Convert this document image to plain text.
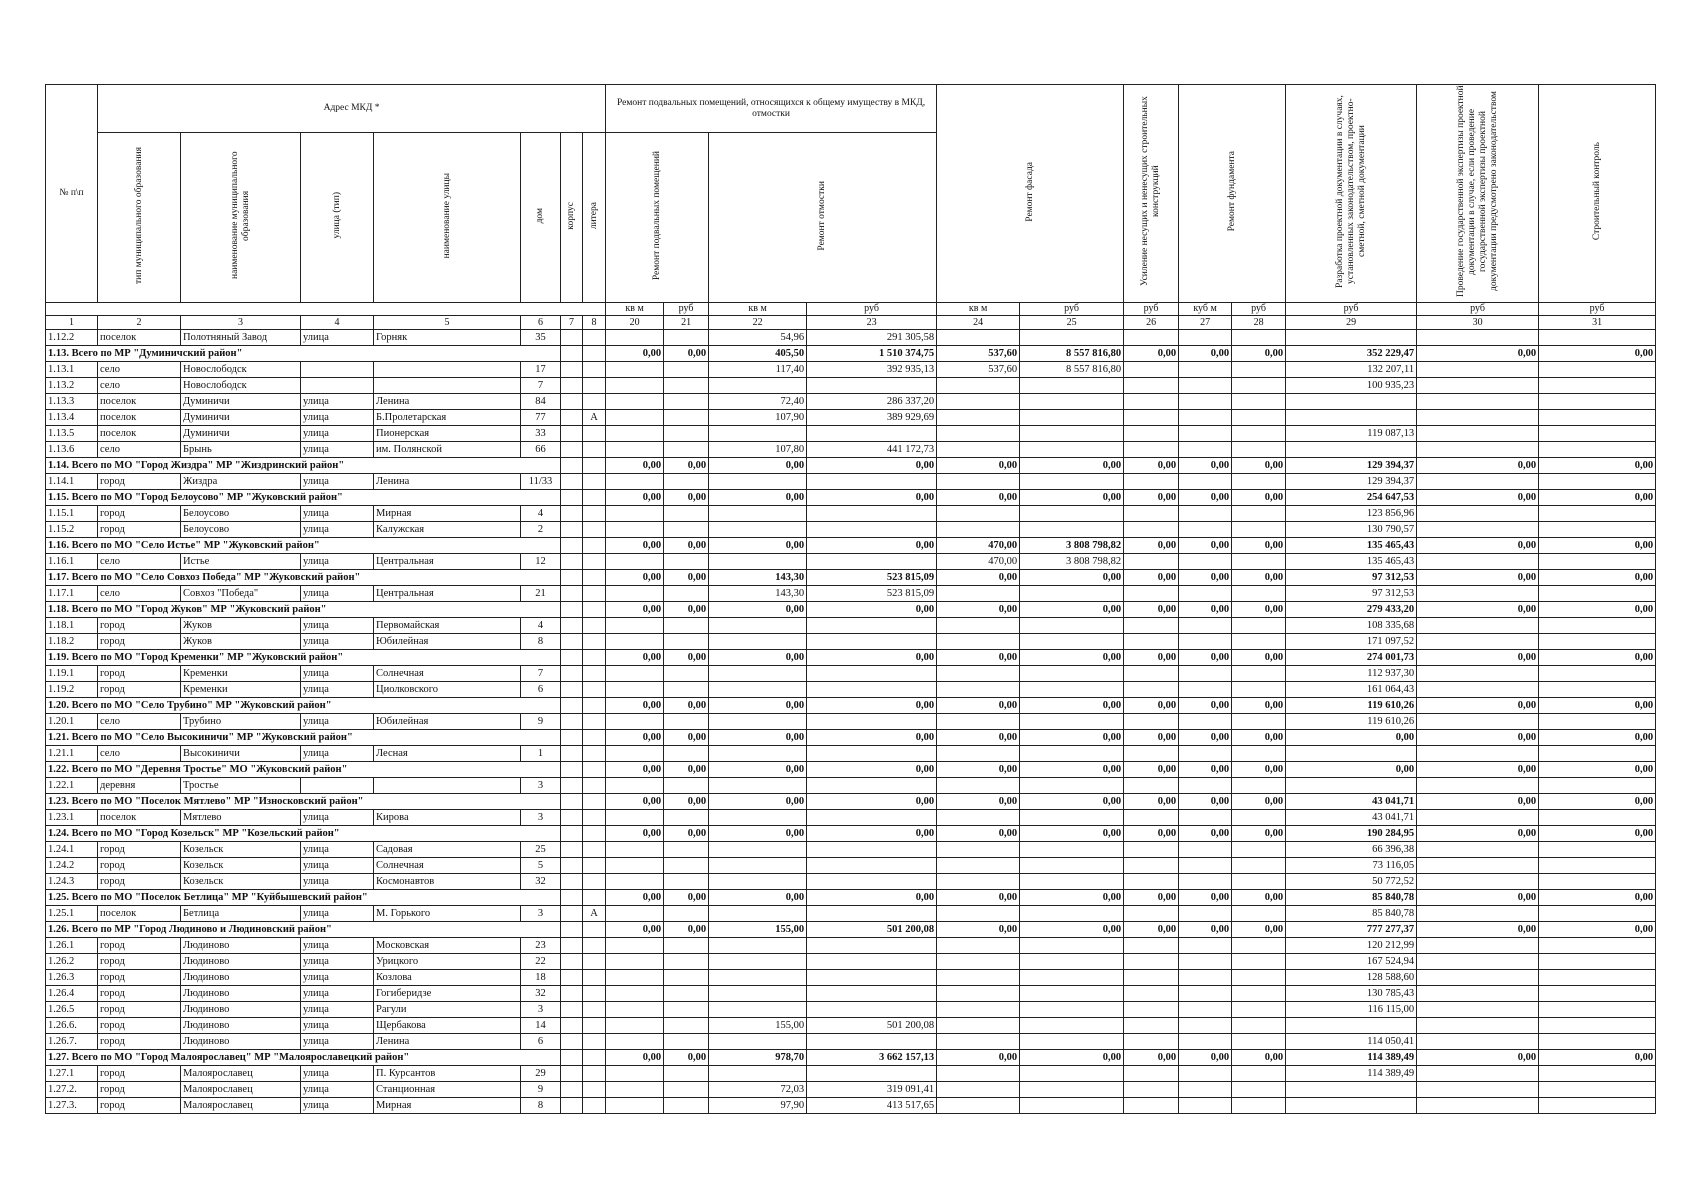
№ п\п	Адрес МКД *							Ремонт подвальных помещений, относящихся к общему имуществу в МКД, отмостки				Ремонт фасада		Усиление несущих и ненесущих строительных конструкций	Ремонт фундамента		Разработка проектной документации в случаях, установленных законодательством, проектно-сметной, сметной документации	Проведение государственной экспертизы проектной документации в случае, если проведение государственной экспертизы проектной документации предусмотрено законодательством	Строительный контроль
	тип муниципального образования	наименование муниципального образования	улица (тип)	наименование улицы	дом	корпус	литера	Ремонт подвальных помещений		Ремонт отмостки									
								кв м	руб	кв м	руб	кв м	руб	руб	куб м	руб	руб	руб	руб
1	2	3	4	5	6	7	8	20	21	22	23	24	25	26	27	28	29	30	31
1.12.2	поселок	Полотняный Завод	улица	Горняк	35					54,96	291 305,58								
1.13. Всего по МР "Думиничский район"								0,00	0,00	405,50	1 510 374,75	537,60	8 557 816,80	0,00	0,00	0,00	352 229,47	0,00	0,00
1.13.1	село	Новослободск			17					117,40	392 935,13	537,60	8 557 816,80				132 207,11		
1.13.2	село	Новослободск			7												100 935,23		
1.13.3	поселок	Думиничи	улица	Ленина	84					72,40	286 337,20								
1.13.4	поселок	Думиничи	улица	Б.Пролетарская	77		А			107,90	389 929,69								
1.13.5	поселок	Думиничи	улица	Пионерская	33												119 087,13		
1.13.6	село	Брынь	улица	им. Полянской	66					107,80	441 172,73								
1.14. Всего по МО "Город Жиздра" МР "Жиздринский район"								0,00	0,00	0,00	0,00	0,00	0,00	0,00	0,00	0,00	129 394,37	0,00	0,00
1.14.1	город	Жиздра	улица	Ленина	11/33												129 394,37		
1.15. Всего по МО "Город Белоусово" МР "Жуковский район"								0,00	0,00	0,00	0,00	0,00	0,00	0,00	0,00	0,00	254 647,53	0,00	0,00
1.15.1	город	Белоусово	улица	Мирная	4												123 856,96		
1.15.2	город	Белоусово	улица	Калужская	2												130 790,57		
1.16. Всего по МО "Село Истье" МР "Жуковский район"								0,00	0,00	0,00	0,00	470,00	3 808 798,82	0,00	0,00	0,00	135 465,43	0,00	0,00
1.16.1	село	Истье	улица	Центральная	12							470,00	3 808 798,82				135 465,43		
1.17. Всего по МО "Село Совхоз Победа" МР "Жуковский район"								0,00	0,00	143,30	523 815,09	0,00	0,00	0,00	0,00	0,00	97 312,53	0,00	0,00
1.17.1	село	Совхоз "Победа"	улица	Центральная	21					143,30	523 815,09						97 312,53		
1.18. Всего по МО "Город Жуков" МР "Жуковский район"								0,00	0,00	0,00	0,00	0,00	0,00	0,00	0,00	0,00	279 433,20	0,00	0,00
1.18.1	город	Жуков	улица	Первомайская	4												108 335,68		
1.18.2	город	Жуков	улица	Юбилейная	8												171 097,52		
1.19. Всего по МО "Город Кременки" МР "Жуковский район"								0,00	0,00	0,00	0,00	0,00	0,00	0,00	0,00	0,00	274 001,73	0,00	0,00
1.19.1	город	Кременки	улица	Солнечная	7												112 937,30		
1.19.2	город	Кременки	улица	Циолковского	6												161 064,43		
1.20. Всего по МО "Село Трубино" МР "Жуковский район"								0,00	0,00	0,00	0,00	0,00	0,00	0,00	0,00	0,00	119 610,26	0,00	0,00
1.20.1	село	Трубино	улица	Юбилейная	9												119 610,26		
1.21. Всего по МО "Село Высокиничи" МР "Жуковский район"								0,00	0,00	0,00	0,00	0,00	0,00	0,00	0,00	0,00	0,00	0,00	0,00
1.21.1	село	Высокиничи	улица	Лесная	1														
1.22. Всего по МО "Деревня Тростье" МО "Жуковский район"								0,00	0,00	0,00	0,00	0,00	0,00	0,00	0,00	0,00	0,00	0,00	0,00
1.22.1	деревня	Тростье			3														
1.23. Всего по МО "Поселок Мятлево" МР "Износковский район"								0,00	0,00	0,00	0,00	0,00	0,00	0,00	0,00	0,00	43 041,71	0,00	0,00
1.23.1	поселок	Мятлево	улица	Кирова	3												43 041,71		
1.24. Всего по МО "Город Козельск" МР "Козельский район"								0,00	0,00	0,00	0,00	0,00	0,00	0,00	0,00	0,00	190 284,95	0,00	0,00
1.24.1	город	Козельск	улица	Садовая	25												66 396,38		
1.24.2	город	Козельск	улица	Солнечная	5												73 116,05		
1.24.3	город	Козельск	улица	Космонавтов	32												50 772,52		
1.25. Всего по МО "Поселок Бетлица" МР "Куйбышевский район"								0,00	0,00	0,00	0,00	0,00	0,00	0,00	0,00	0,00	85 840,78	0,00	0,00
1.25.1	поселок	Бетлица	улица	М. Горького	3		А										85 840,78		
1.26. Всего по МР "Город Людиново и Людиновский район"								0,00	0,00	155,00	501 200,08	0,00	0,00	0,00	0,00	0,00	777 277,37	0,00	0,00
1.26.1	город	Людиново	улица	Московская	23												120 212,99		
1.26.2	город	Людиново	улица	Урицкого	22												167 524,94		
1.26.3	город	Людиново	улица	Козлова	18												128 588,60		
1.26.4	город	Людиново	улица	Гогиберидзе	32												130 785,43		
1.26.5	город	Людиново	улица	Рагули	3												116 115,00		
1.26.6.	город	Людиново	улица	Щербакова	14					155,00	501 200,08								
1.26.7.	город	Людиново	улица	Ленина	6												114 050,41		
1.27. Всего по МО "Город Малоярославец" МР "Малоярославецкий район"								0,00	0,00	978,70	3 662 157,13	0,00	0,00	0,00	0,00	0,00	114 389,49	0,00	0,00
1.27.1	город	Малоярославец	улица	П. Курсантов	29												114 389,49		
1.27.2.	город	Малоярославец	улица	Станционная	9					72,03	319 091,41								
1.27.3.	город	Малоярославец	улица	Мирная	8					97,90	413 517,65								
